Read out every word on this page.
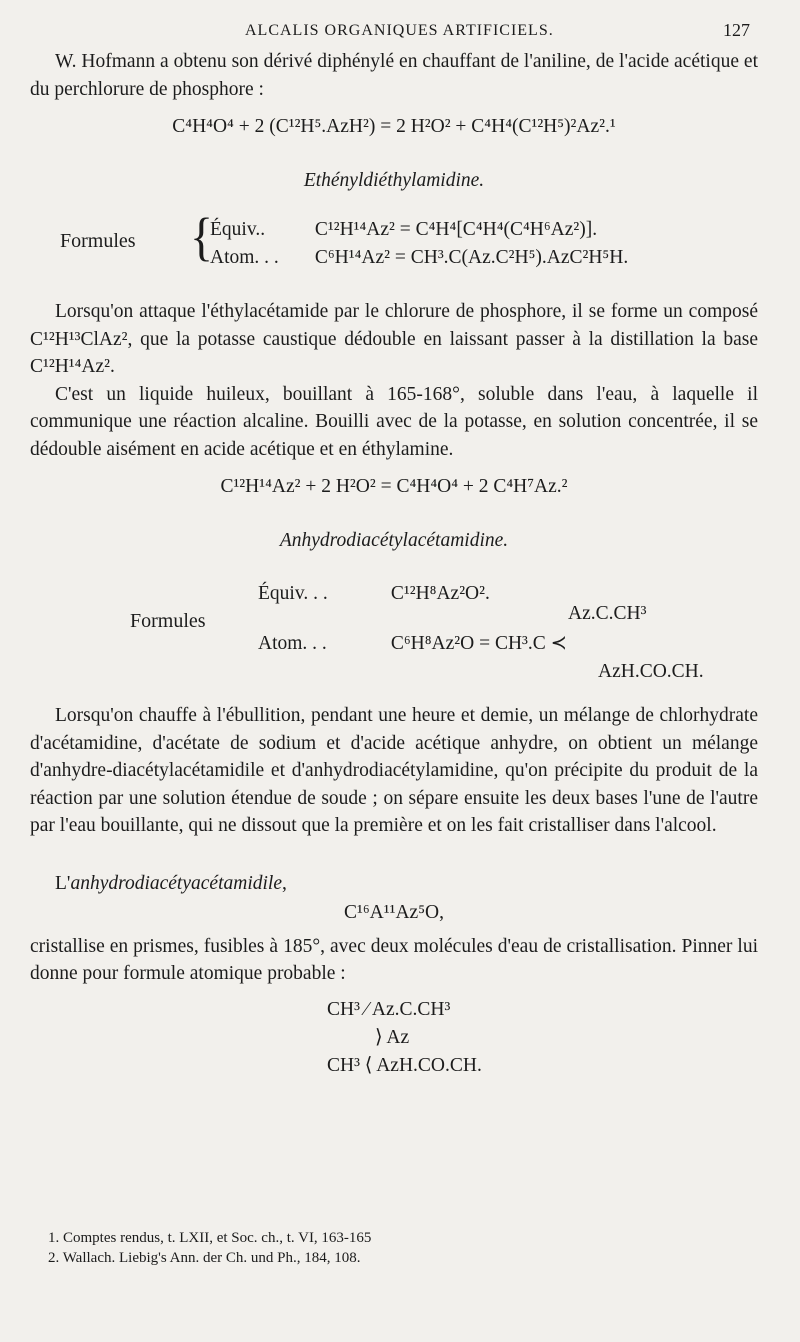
ALCALIS ORGANIQUES ARTIFICIELS.	127

W. Hofmann a obtenu son dérivé diphénylé en chauffant de l'aniline, de l'acide acétique et du perchlorure de phosphore :

C⁴H⁴O⁴ + 2 (C¹²H⁵.AzH²) = 2 H²O² + C⁴H⁴(C¹²H⁵)²Az².¹
Ethényldiéthylamidine.
Formules {
Équiv..	C¹²H¹⁴Az² = C⁴H⁴[C⁴H⁴(C⁴H⁶Az²)].
Atom. . . C⁶H¹⁴Az² = CH³.C(Az.C²H⁵).AzC²H⁵H.

Lorsqu'on attaque l'éthylacétamide par le chlorure de phosphore, il se forme un composé C¹²H¹³ClAz², que la potasse caustique dédouble en laissant passer à la distillation la base C¹²H¹⁴Az².

C'est un liquide huileux, bouillant à 165-168°, soluble dans l'eau, à laquelle il communique une réaction alcaline. Bouilli avec de la potasse, en solution concentrée, il se dédouble aisément en acide acétique et en éthylamine.

C¹²H¹⁴Az² + 2 H²O² = C⁴H⁴O⁴ + 2 C⁴H⁷Az.²
Anhydrodiacétylacétamidine.
Formules
Équiv. . .	C¹²H⁸Az²O².
Az.C.CH³
Atom. . .	C⁶H⁸Az²O = CH³.C ≺
AzH.CO.CH.

Lorsqu'on chauffe à l'ébullition, pendant une heure et demie, un mélange de chlorhydrate d'acétamidine, d'acétate de sodium et d'acide acétique anhydre, on obtient un mélange d'anhydre-diacétylacétamidile et d'anhydrodiacétylamidine, qu'on précipite du produit de la réaction par une solution étendue de soude ; on sépare ensuite les deux bases l'une de l'autre par l'eau bouillante, qui ne dissout que la première et on les fait cristalliser dans l'alcool.

L'anhydrodiacétyacétamidile,

C¹⁶A¹¹Az⁵O,

cristallise en prismes, fusibles à 185°, avec deux molécules d'eau de cristallisation. Pinner lui donne pour formule atomique probable :

CH³ ⁄ Az.C.CH³
⟩ Az
CH³ ⟨ AzH.CO.CH.
1. Comptes rendus, t. LXII, et Soc. ch., t. VI, 163-165
2. Wallach. Liebig's Ann. der Ch. und Ph., 184, 108.
